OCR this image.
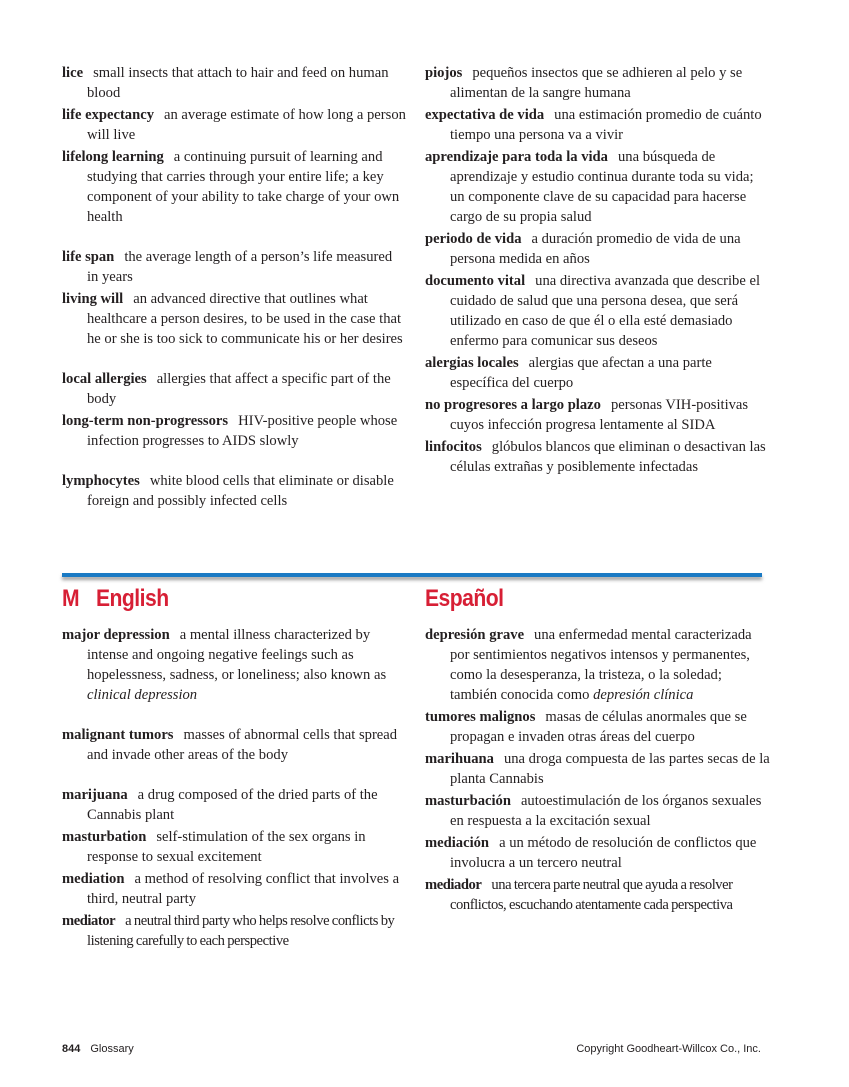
lice small insects that attach to hair and feed on human blood

life expectancy an average estimate of how long a person will live

lifelong learning a continuing pursuit of learning and studying that carries through your entire life; a key component of your ability to take charge of your own health

life span the average length of a person’s life measured in years

living will an advanced directive that outlines what healthcare a person desires, to be used in the case that he or she is too sick to communicate his or her desires

local allergies allergies that affect a specific part of the body

long-term non-progressors HIV-positive people whose infection progresses to AIDS slowly

lymphocytes white blood cells that eliminate or disable foreign and possibly infected cells

piojos pequeños insectos que se adhieren al pelo y se alimentan de la sangre humana

expectativa de vida una estimación promedio de cuánto tiempo una persona va a vivir

aprendizaje para toda la vida una búsqueda de aprendizaje y estudio continua durante toda su vida; un componente clave de su capacidad para hacerse cargo de su propia salud

periodo de vida a duración promedio de vida de una persona medida en años

documento vital una directiva avanzada que describe el cuidado de salud que una persona desea, que será utilizado en caso de que él o ella esté demasiado enfermo para comunicar sus deseos

alergias locales alergias que afectan a una parte específica del cuerpo

no progresores a largo plazo personas VIH-positivas cuyos infección progresa lentamente al SIDA

linfocitos glóbulos blancos que eliminan o desactivan las células extrañas y posiblemente infectadas

M English	Español

major depression a mental illness characterized by intense and ongoing negative feelings such as hopelessness, sadness, or loneliness; also known as clinical depression

malignant tumors masses of abnormal cells that spread and invade other areas of the body

marijuana a drug composed of the dried parts of the Cannabis plant

masturbation self-stimulation of the sex organs in response to sexual excitement

mediation a method of resolving conflict that involves a third, neutral party

mediator a neutral third party who helps resolve conflicts by listening carefully to each perspective

depresión grave una enfermedad mental caracterizada por sentimientos negativos intensos y permanentes, como la desesperanza, la tristeza, o la soledad; también conocida como depresión clínica

tumores malignos masas de células anormales que se propagan e invaden otras áreas del cuerpo

marihuana una droga compuesta de las partes secas de la planta Cannabis

masturbación autoestimulación de los órganos sexuales en respuesta a la excitación sexual

mediación a un método de resolución de conflictos que involucra a un tercero neutral

mediador una tercera parte neutral que ayuda a resolver conflictos, escuchando atentamente cada perspectiva

844 Glossary	Copyright Goodheart-Willcox Co., Inc.
